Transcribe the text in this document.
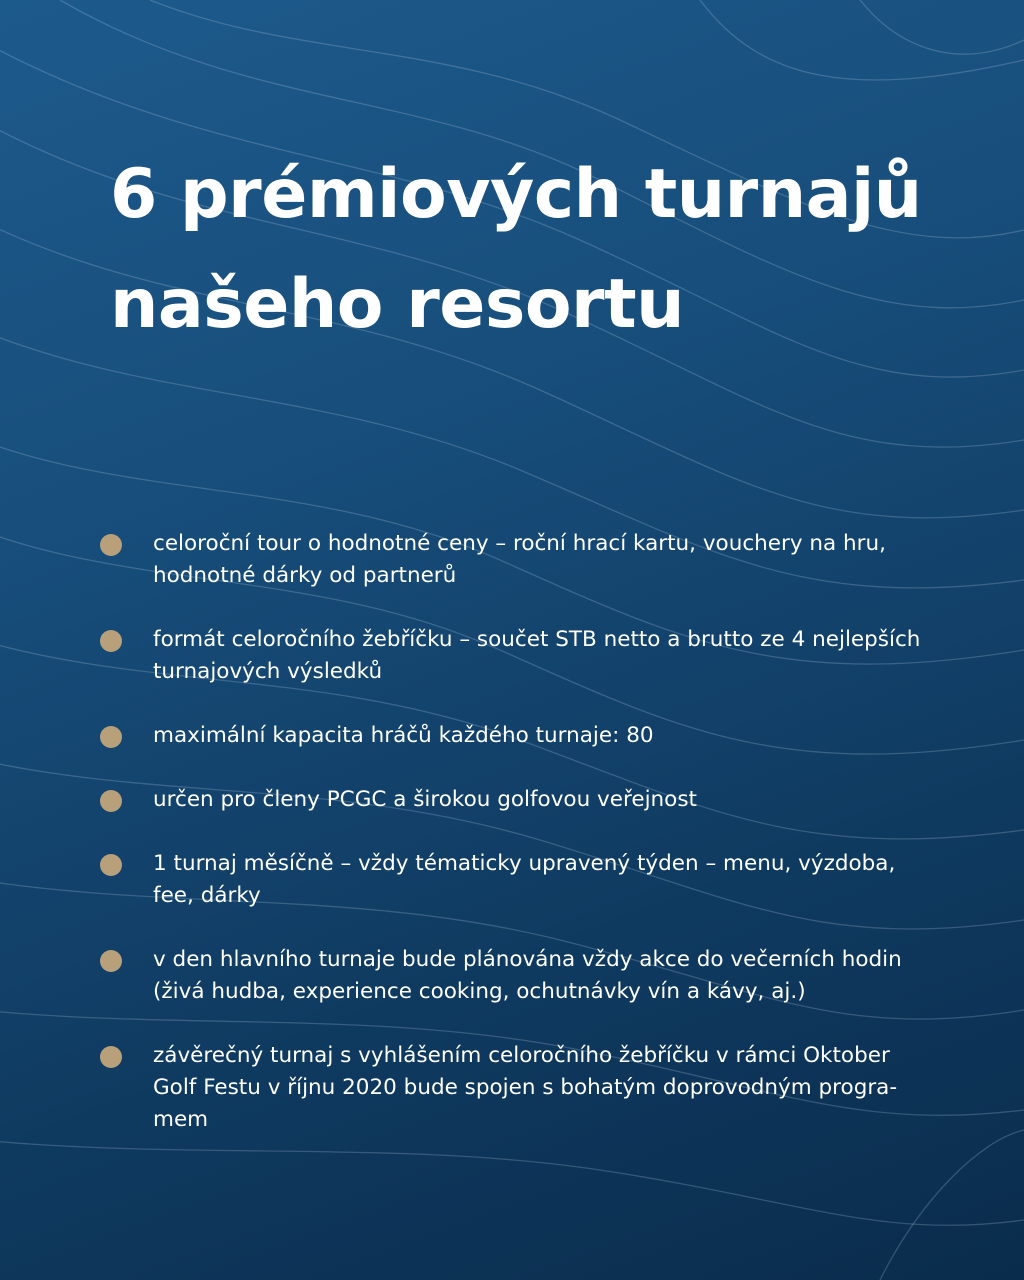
6 prémiových turnajů
našeho resortu
celoroční tour o hodnotné ceny – roční hrací kartu, vouchery na hru, hodnotné dárky od partnerů
formát celoročního žebříčku – součet STB netto a brutto ze 4 nejlepších turnajových výsledků
maximální kapacita hráčů každého turnaje: 80
určen pro členy PCGC a širokou golfovou veřejnost
1 turnaj měsíčně – vždy tématicky upravený týden – menu, výzdoba, fee, dárky
v den hlavního turnaje bude plánována vždy akce do večerních hodin (živá hudba, experience cooking, ochutnávky vín a kávy, aj.)
závěrečný turnaj s vyhlášením celoročního žebříčku v rámci Oktober Golf Festu v říjnu 2020 bude spojen s bohatým doprovodným programem
